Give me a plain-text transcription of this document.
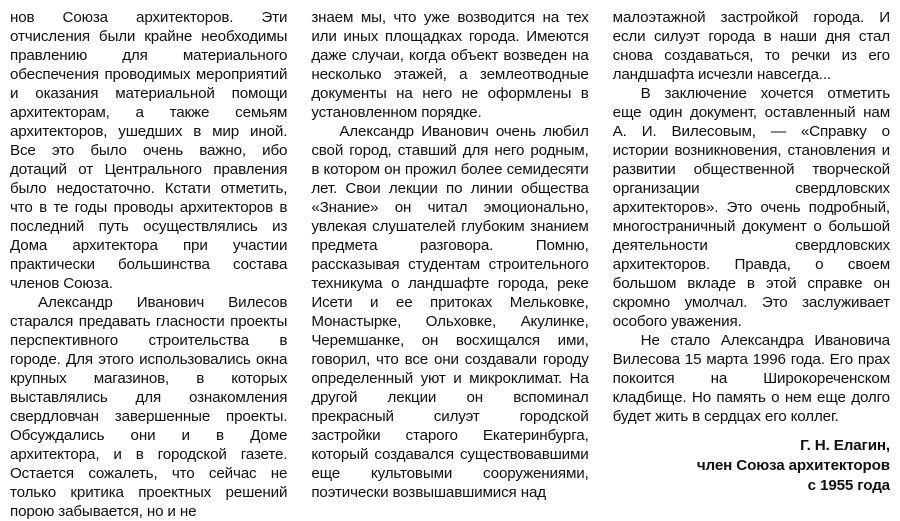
нов Союза архитекторов. Эти отчисления были крайне необходимы правлению для материального обеспечения проводимых мероприятий и оказания материальной помощи архитекторам, а также семьям архитекторов, ушедших в мир иной. Все это было очень важно, ибо дотаций от Центрального правления было недостаточно. Кстати отметить, что в те годы проводы архитекторов в последний путь осуществлялись из Дома архитектора при участии практически большинства состава членов Союза.

Александр Иванович Вилесов старался предавать гласности проекты перспективного строительства в городе. Для этого использовались окна крупных магазинов, в которых выставлялись для ознакомления свердловчан завершенные проекты. Обсуждались они и в Доме архитектора, и в городской газете. Остается сожалеть, что сейчас не только критика проектных решений порою забывается, но и не

знаем мы, что уже возводится на тех или иных площадках города. Имеются даже случаи, когда объект возведен на несколько этажей, а землеотводные документы на него не оформлены в установленном порядке.

Александр Иванович очень любил свой город, ставший для него родным, в котором он прожил более семидесяти лет. Свои лекции по линии общества «Знание» он читал эмоционально, увлекая слушателей глубоким знанием предмета разговора. Помню, рассказывая студентам строительного техникума о ландшафте города, реке Исети и ее притоках Мельковке, Монастырке, Ольховке, Акулинке, Черемшанке, он восхищался ими, говорил, что все они создавали городу определенный уют и микроклимат. На другой лекции он вспоминал прекрасный силуэт городской застройки старого Екатеринбурга, который создавался существовавшими еще культовыми сооружениями, поэтически возвышавшимися над

малоэтажной застройкой города. И если силуэт города в наши дня стал снова создаваться, то речки из его ландшафта исчезли навсегда...

В заключение хочется отметить еще один документ, оставленный нам А. И. Вилесовым, — «Справку о истории возникновения, становления и развитии общественной творческой организации свердловских архитекторов». Это очень подробный, многостраничный документ о большой деятельности свердловских архитекторов. Правда, о своем большом вкладе в этой справке он скромно умолчал. Это заслуживает особого уважения.

Не стало Александра Ивановича Вилесова 15 марта 1996 года. Его прах покоится на Широкореченском кладбище. Но память о нем еще долго будет жить в сердцах его коллег.

Г. Н. Елагин,
член Союза архитекторов
с 1955 года
